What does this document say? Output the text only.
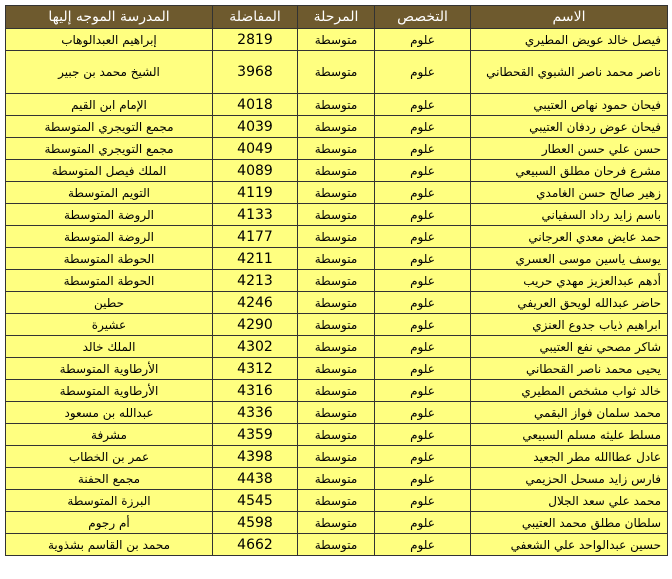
الاسم	التخصص	المرحلة	المفاضلة	المدرسة الموجه إليها
فيصل خالد عويض المطيري	علوم	متوسطة	2819	إبراهيم العبدالوهاب
ناصر محمد ناصر الشبوي القحطاني	علوم	متوسطة	3968	الشيخ محمد بن جبير
فيحان حمود نهاص العتيبي	علوم	متوسطة	4018	الإمام ابن القيم
فيحان عوض ردفان العتيبي	علوم	متوسطة	4039	مجمع التويجري المتوسطة
حسن علي حسن العطار	علوم	متوسطة	4049	مجمع التويجري المتوسطة
مشرع فرحان مطلق السبيعي	علوم	متوسطة	4089	الملك فيصل المتوسطة
زهير صالح حسن الغامدي	علوم	متوسطة	4119	التويم المتوسطة
باسم زايد رداد السفياني	علوم	متوسطة	4133	الروضة المتوسطة
حمد عايض معدي العرجاني	علوم	متوسطة	4177	الروضة المتوسطة
يوسف ياسين موسى العسري	علوم	متوسطة	4211	الحوطة المتوسطة
أدهم عبدالعزيز مهدي حريب	علوم	متوسطة	4213	الحوطة المتوسطة
حاضر عبدالله لويحق العريفي	علوم	متوسطة	4246	حطين
ابراهيم ذياب جدوع العنزي	علوم	متوسطة	4290	عشيرة
شاكر مصحي نفع العتيبي	علوم	متوسطة	4302	الملك خالد
يحيى محمد ناصر القحطاني	علوم	متوسطة	4312	الأرطاوية المتوسطة
خالد ثواب مشخص المطيري	علوم	متوسطة	4316	الأرطاوية المتوسطة
محمد سلمان فواز البقمي	علوم	متوسطة	4336	عبدالله بن مسعود
مسلط عليثه مسلم السبيعي	علوم	متوسطة	4359	مشرفة
عادل عطاالله مطر الجعيد	علوم	متوسطة	4398	عمر بن الخطاب
فارس زايد مسحل الحزيمي	علوم	متوسطة	4438	مجمع الحفنة
محمد علي سعد الجلال	علوم	متوسطة	4545	البرزة المتوسطة
سلطان مطلق محمد العتيبي	علوم	متوسطة	4598	أم رجوم
حسين عبدالواحد علي الشعفي	علوم	متوسطة	4662	محمد بن القاسم بشذوية
